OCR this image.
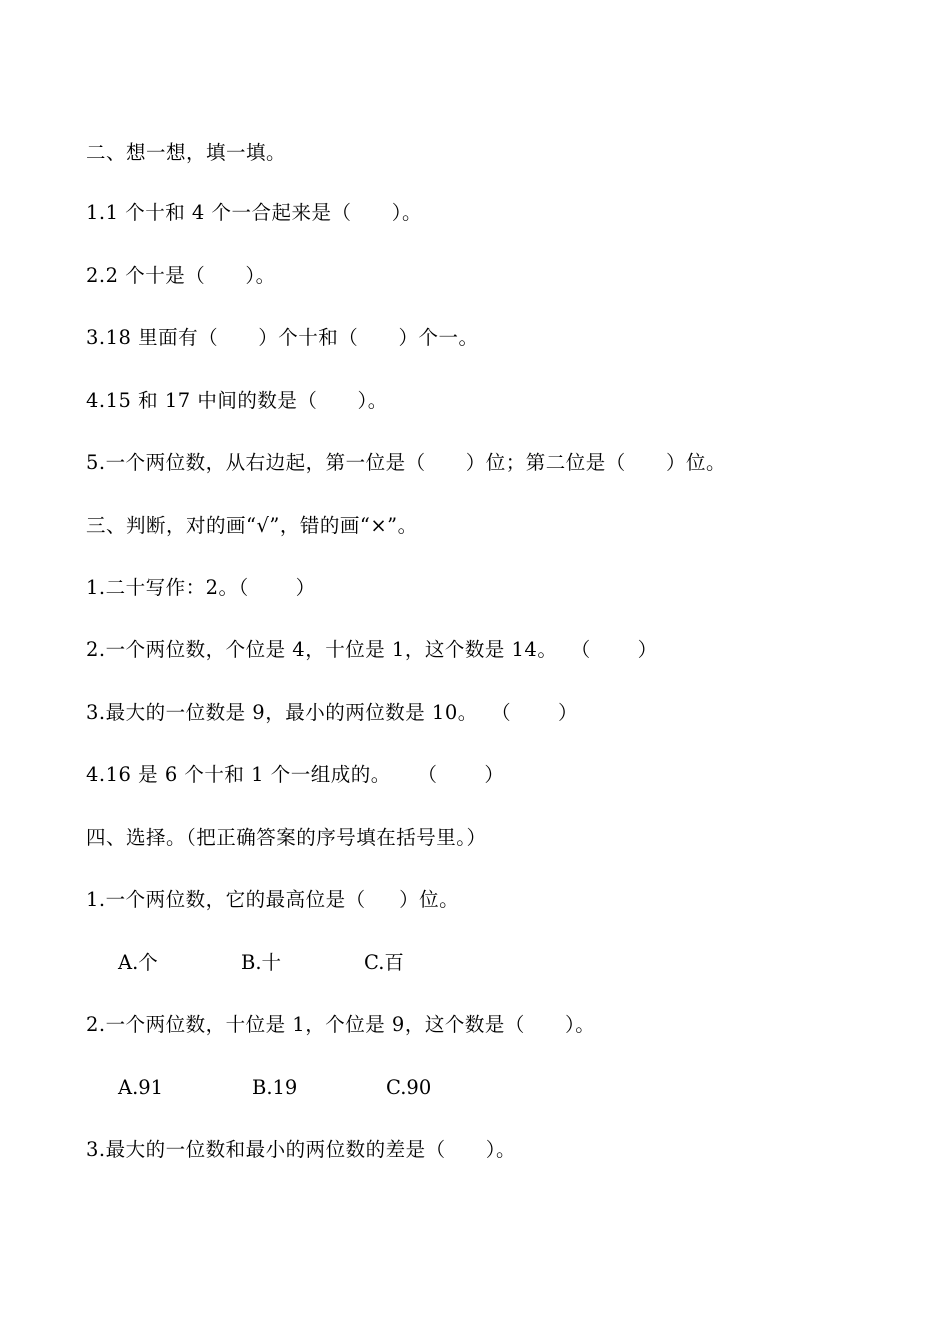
二、想一想，填一填。
1.1 个十和 4 个一合起来是（      ）。
2.2 个十是（      ）。
3.18 里面有（      ）个十和（      ）个一。
4.15 和 17 中间的数是（      ）。
5.一个两位数，从右边起，第一位是（      ）位；第二位是（      ）位。
三、判断，对的画“√”，错的画“×”。
1.二十写作：2。（       ）
2.一个两位数，个位是 4，十位是 1，这个数是 14。  （       ）
3.最大的一位数是 9，最小的两位数是 10。  （       ）
4.16 是 6 个十和 1 个一组成的。    （       ）
四、选择。（把正确答案的序号填在括号里。）
1.一个两位数，它的最高位是（     ）位。
A.个	B.十	C.百
2.一个两位数，十位是 1，个位是 9，这个数是（      ）。
A.91	B.19	C.90
3.最大的一位数和最小的两位数的差是（      ）。
